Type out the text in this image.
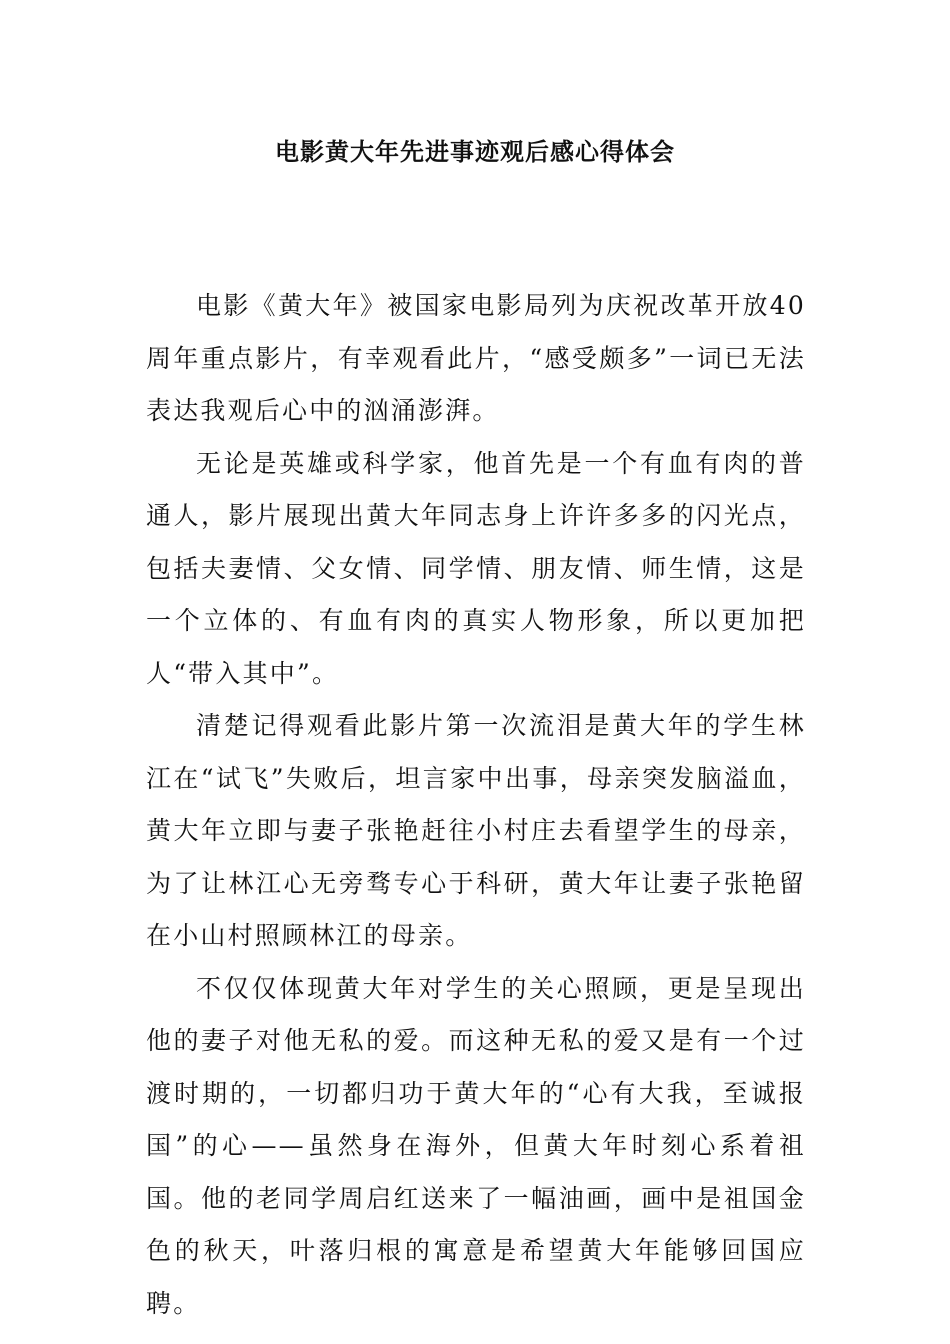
电影黄大年先进事迹观后感心得体会

电影《黄大年》被国家电影局列为庆祝改革开放40周年重点影片，有幸观看此片，“感受颇多”一词已无法表达我观后心中的汹涌澎湃。

无论是英雄或科学家，他首先是一个有血有肉的普通人，影片展现出黄大年同志身上许许多多的闪光点，包括夫妻情、父女情、同学情、朋友情、师生情，这是一个立体的、有血有肉的真实人物形象，所以更加把人“带入其中”。

清楚记得观看此影片第一次流泪是黄大年的学生林江在“试飞”失败后，坦言家中出事，母亲突发脑溢血，黄大年立即与妻子张艳赶往小村庄去看望学生的母亲，为了让林江心无旁骛专心于科研，黄大年让妻子张艳留在小山村照顾林江的母亲。

不仅仅体现黄大年对学生的关心照顾，更是呈现出他的妻子对他无私的爱。而这种无私的爱又是有一个过渡时期的，一切都归功于黄大年的“心有大我，至诚报国”的心——虽然身在海外，但黄大年时刻心系着祖国。他的老同学周启红送来了一幅油画，画中是祖国金色的秋天，叶落归根的寓意是希望黄大年能够回国应聘。
